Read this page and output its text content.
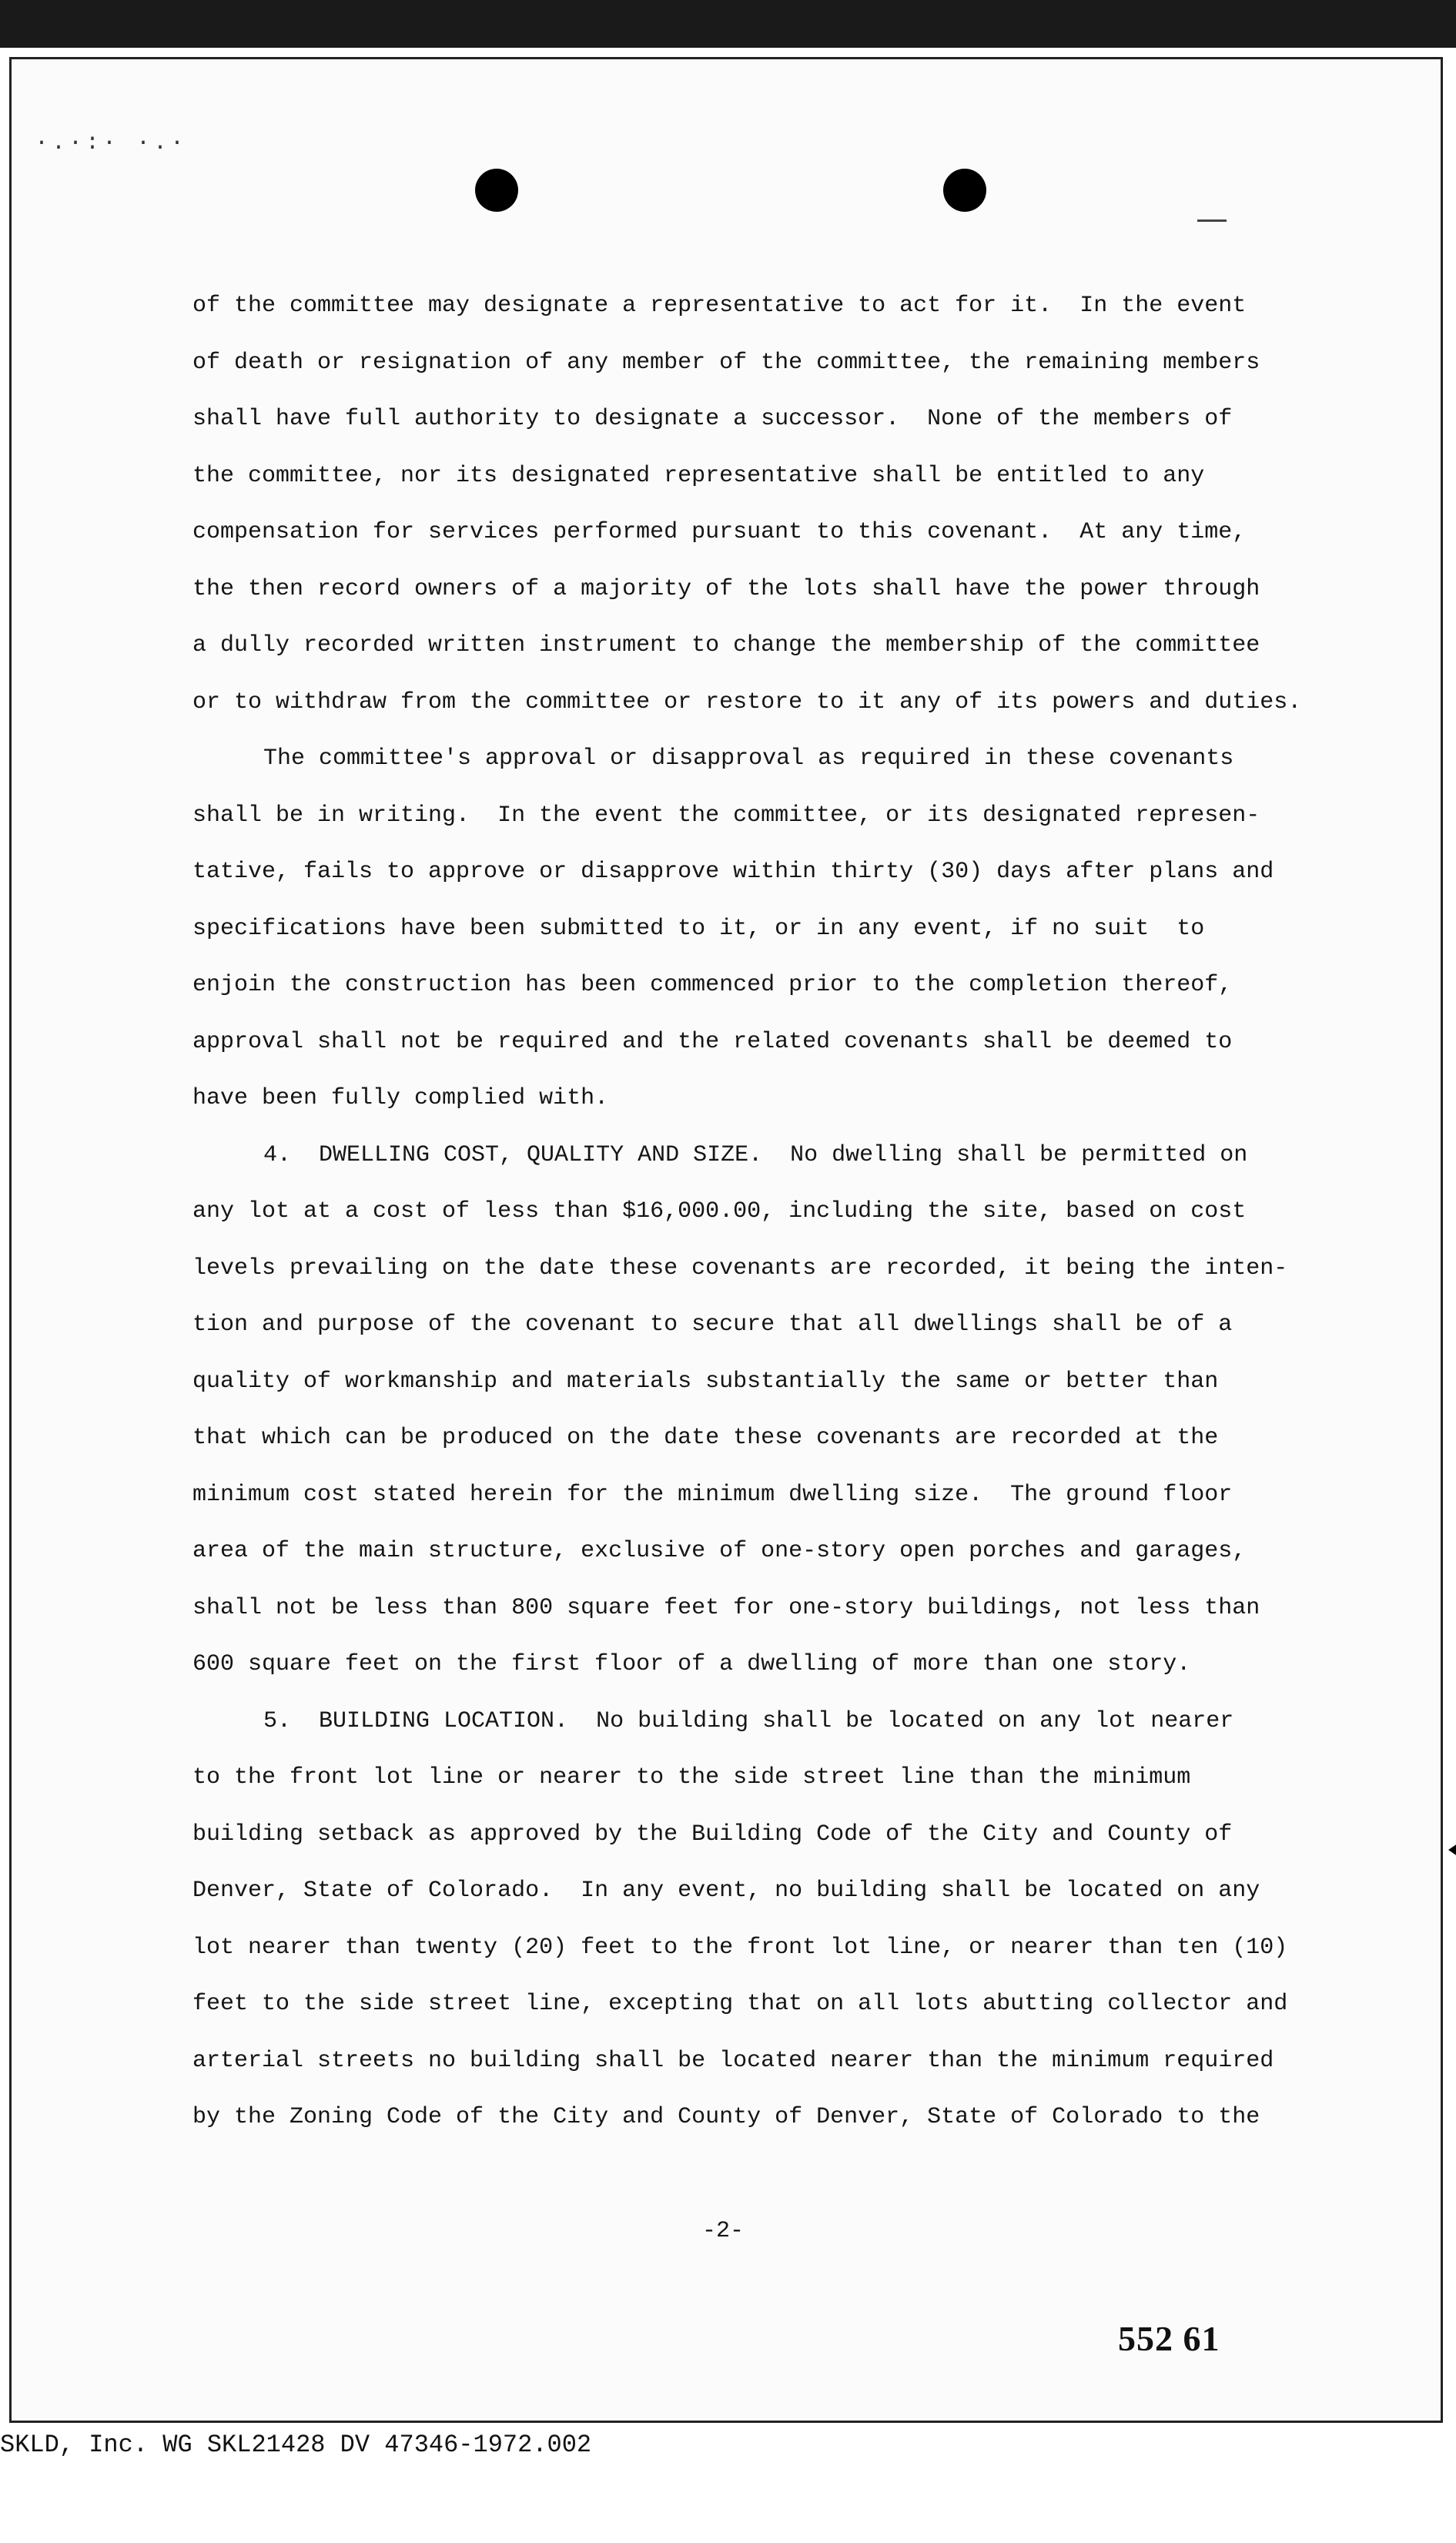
·.·:· ·.·
of the committee may designate a representative to act for it.  In the event
of death or resignation of any member of the committee, the remaining members
shall have full authority to designate a successor.  None of the members of
the committee, nor its designated representative shall be entitled to any
compensation for services performed pursuant to this covenant.  At any time,
the then record owners of a majority of the lots shall have the power through
a dully recorded written instrument to change the membership of the committee
or to withdraw from the committee or restore to it any of its powers and duties.
The committee's approval or disapproval as required in these covenants
shall be in writing.  In the event the committee, or its designated represen-
tative, fails to approve or disapprove within thirty (30) days after plans and
specifications have been submitted to it, or in any event, if no suit  to
enjoin the construction has been commenced prior to the completion thereof,
approval shall not be required and the related covenants shall be deemed to
have been fully complied with.
4.  DWELLING COST, QUALITY AND SIZE.  No dwelling shall be permitted on
any lot at a cost of less than $16,000.00, including the site, based on cost
levels prevailing on the date these covenants are recorded, it being the inten-
tion and purpose of the covenant to secure that all dwellings shall be of a
quality of workmanship and materials substantially the same or better than
that which can be produced on the date these covenants are recorded at the
minimum cost stated herein for the minimum dwelling size.  The ground floor
area of the main structure, exclusive of one-story open porches and garages,
shall not be less than 800 square feet for one-story buildings, not less than
600 square feet on the first floor of a dwelling of more than one story.
5.  BUILDING LOCATION.  No building shall be located on any lot nearer
to the front lot line or nearer to the side street line than the minimum
building setback as approved by the Building Code of the City and County of
Denver, State of Colorado.  In any event, no building shall be located on any
lot nearer than twenty (20) feet to the front lot line, or nearer than ten (10)
feet to the side street line, excepting that on all lots abutting collector and
arterial streets no building shall be located nearer than the minimum required
by the Zoning Code of the City and County of Denver, State of Colorado to the
-2-
552 61
SKLD, Inc. WG SKL21428 DV 47346-1972.002
